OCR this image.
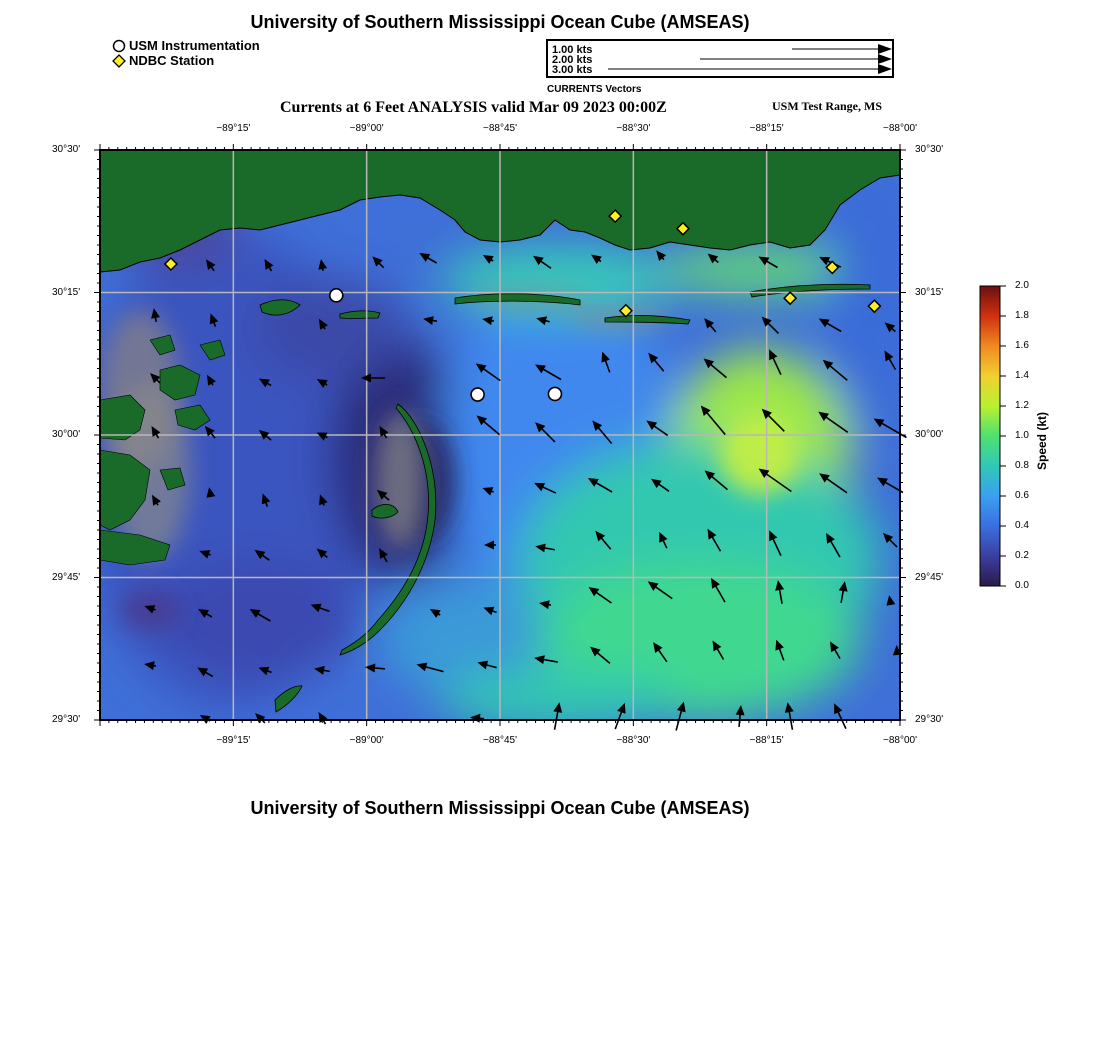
University of Southern Mississippi Ocean Cube (AMSEAS)
USM Instrumentation
NDBC Station
1.00 kts
2.00 kts
3.00 kts
CURRENTS Vectors
Currents at 6 Feet ANALYSIS valid Mar 09 2023 00:00Z	USM Test Range, MS
−89°15'
−89°15'
−89°00'
−89°00'
−88°45'
−88°45'
−88°30'
−88°30'
−88°15'
−88°15'
−88°00'
−88°00'
30°30'	30°30'
30°15'	30°15'
30°00'	30°00'
29°45'	29°45'
29°30'	29°30'
2.0
1.8
1.6
1.4
1.2
1.0
0.8
0.6
0.4
0.2
0.0
Speed (kt)
University of Southern Mississippi Ocean Cube (AMSEAS)
